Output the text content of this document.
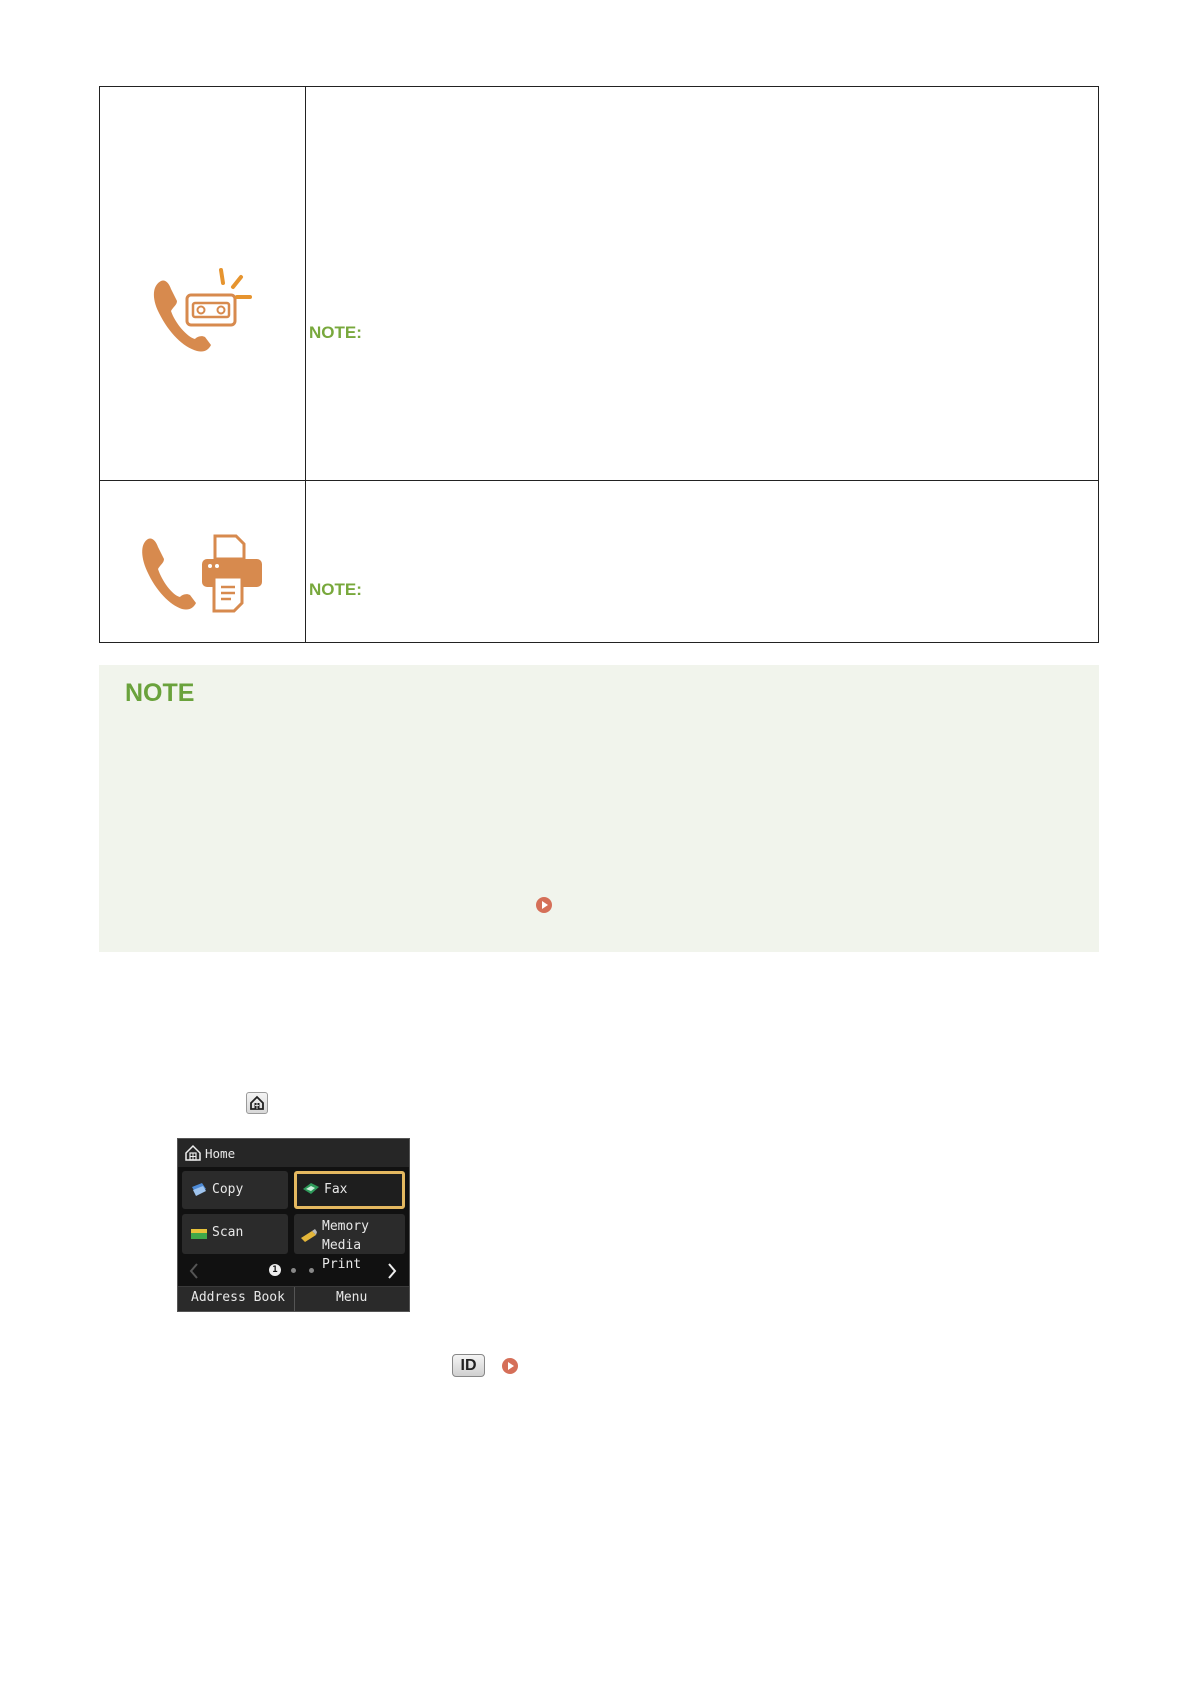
NOTE:
NOTE:
NOTE
Home
Copy	Fax
Scan	Memory
Media Print
1
Address Book	Menu
ID
